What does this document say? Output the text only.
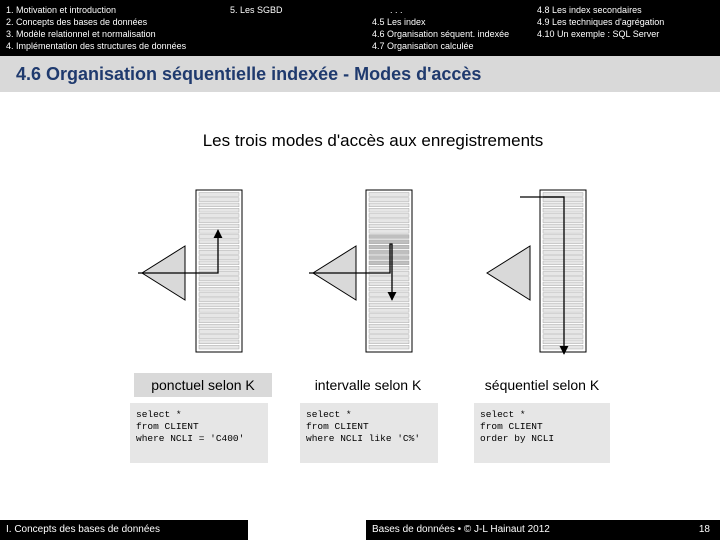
1. Motivation et introduction
2. Concepts des bases de données
3. Modèle relationnel et normalisation
4. Implémentation des structures de données
5. Les SGBD	. . .
4.5 Les index
4.6 Organisation séquent. indexée
4.7 Organisation calculée
4.8 Les index secondaires
4.9 Les techniques d'agrégation
4.10 Un exemple : SQL Server
4.6 Organisation séquentielle indexée - Modes d'accès
Les trois modes d'accès aux enregistrements
ponctuel selon K	intervalle selon K	séquentiel selon K
select *
from CLIENT
where NCLI = 'C400'
select *
from CLIENT
where NCLI like 'C%'
select *
from CLIENT
order by NCLI
I. Concepts des bases de données	Bases de données • © J-L Hainaut 2012	18
